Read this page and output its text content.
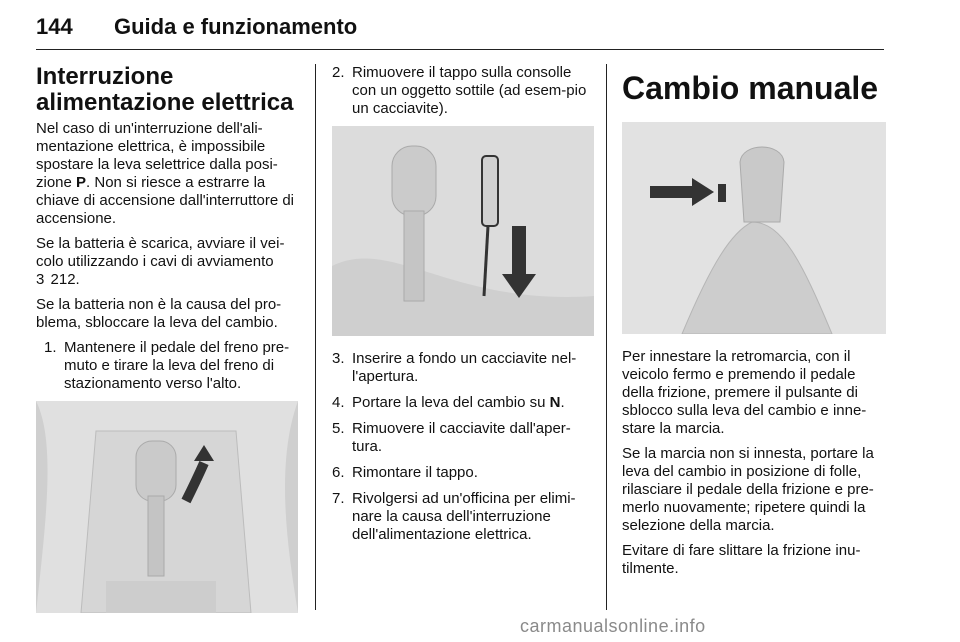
144 Guida e funzionamento
Interruzione alimentazione elettrica

Nel caso di un'interruzione dell'ali-mentazione elettrica, è impossibile spostare la leva selettrice dalla posi-zione P. Non si riesce a estrarre la chiave di accensione dall'interruttore di accensione.

Se la batteria è scarica, avviare il vei-colo utilizzando i cavi di avviamento
3 212.

Se la batteria non è la causa del pro-blema, sbloccare la leva del cambio.

1. Mantenere il pedale del freno pre-muto e tirare la leva del freno di stazionamento verso l'alto.
2. Rimuovere il tappo sulla consolle con un oggetto sottile (ad esem-pio un cacciavite).
3. Inserire a fondo un cacciavite nel-l'apertura.
4. Portare la leva del cambio su N.
5. Rimuovere il cacciavite dall'aper-tura.
6. Rimontare il tappo.
7. Rivolgersi ad un'officina per elimi-nare la causa dell'interruzione dell'alimentazione elettrica.
Cambio manuale

Per innestare la retromarcia, con il veicolo fermo e premendo il pedale della frizione, premere il pulsante di sblocco sulla leva del cambio e inne-stare la marcia.

Se la marcia non si innesta, portare la leva del cambio in posizione di folle, rilasciare il pedale della frizione e pre-merlo nuovamente; ripetere quindi la selezione della marcia.

Evitare di fare slittare la frizione inu-tilmente.

carmanualsonline.info
